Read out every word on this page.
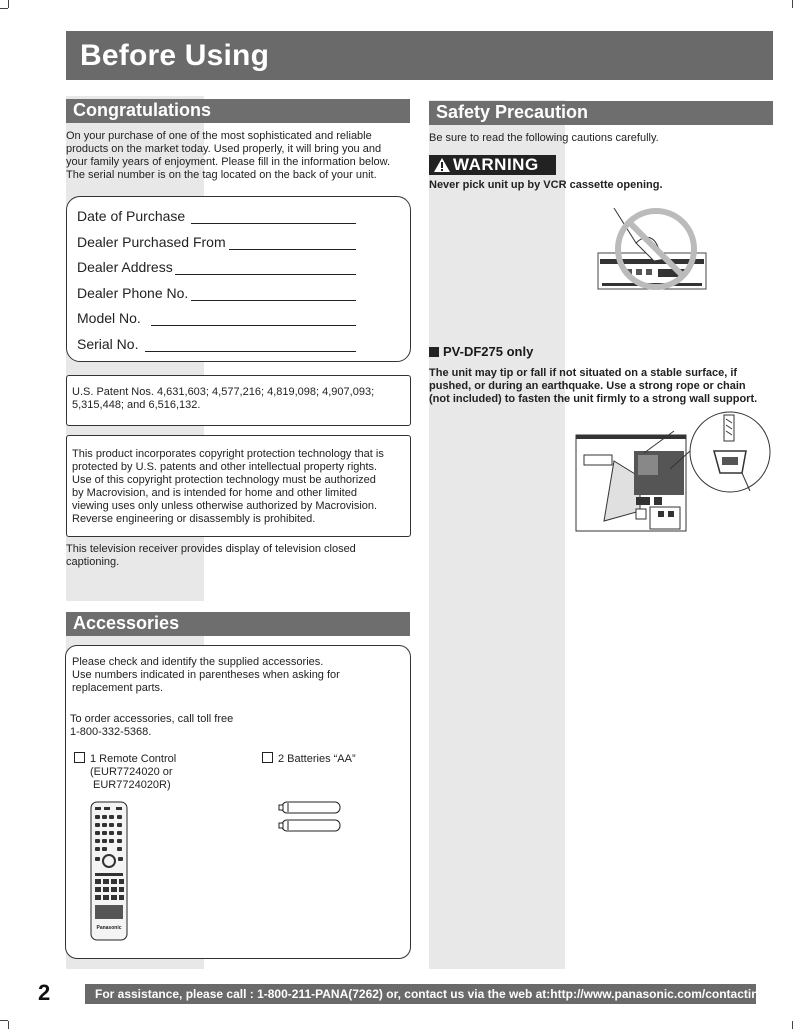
Before Using
Congratulations
On your purchase of one of the most sophisticated and reliable
products on the market today. Used properly, it will bring you and
your family years of enjoyment. Please fill in the information below.
The serial number is on the tag located on the back of your unit.
Date of Purchase
Dealer Purchased From
Dealer Address
Dealer Phone No.
Model No.
Serial No.
U.S. Patent Nos. 4,631,603; 4,577,216; 4,819,098; 4,907,093;
5,315,448; and 6,516,132.
This product incorporates copyright protection technology that is
protected by U.S. patents and other intellectual property rights.
Use of this copyright protection technology must be authorized
by Macrovision, and is intended for home and other limited
viewing uses only unless otherwise authorized by Macrovision.
Reverse engineering or disassembly is prohibited.
This television receiver provides display of television closed
captioning.
Accessories
Please check and identify the supplied accessories.
Use numbers indicated in parentheses when asking for
replacement parts.
To order accessories, call toll free
1-800-332-5368.
1 Remote Control
(EUR7724020 or
EUR7724020R)
2 Batteries “AA”
Panasonic
Safety Precaution
Be sure to read the following cautions carefully.
WARNING
Never pick unit up by VCR cassette opening.
PV-DF275 only
The unit may tip or fall if not situated on a stable surface, if
pushed, or during an earthquake. Use a strong rope or chain
(not included) to fasten the unit firmly to a strong wall support.
2	For assistance, please call : 1-800-211-PANA(7262) or, contact us via the web at:http://www.panasonic.com/contactinfo
